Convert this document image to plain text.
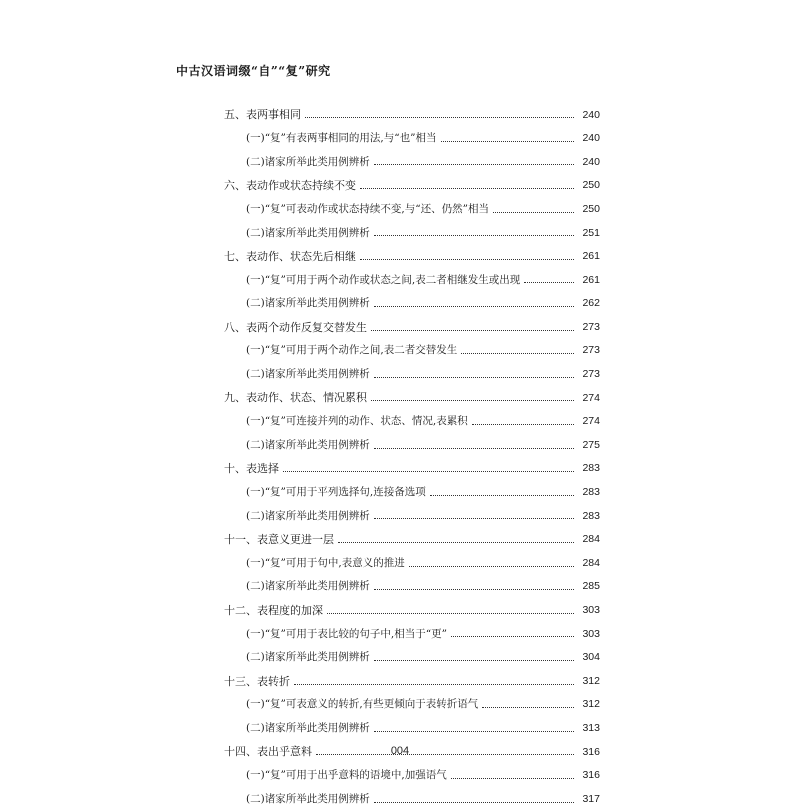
中古汉语词缀“自”“复”研究
五、表两事相同	240
(一)“复”有表两事相同的用法,与“也”相当	240
(二)诸家所举此类用例辨析	240
六、表动作或状态持续不变	250
(一)“复”可表动作或状态持续不变,与“还、仍然”相当	250
(二)诸家所举此类用例辨析	251
七、表动作、状态先后相继	261
(一)“复”可用于两个动作或状态之间,表二者相继发生或出现	261
(二)诸家所举此类用例辨析	262
八、表两个动作反复交替发生	273
(一)“复”可用于两个动作之间,表二者交替发生	273
(二)诸家所举此类用例辨析	273
九、表动作、状态、情况累积	274
(一)“复”可连接并列的动作、状态、情况,表累积	274
(二)诸家所举此类用例辨析	275
十、表选择	283
(一)“复”可用于平列选择句,连接备选项	283
(二)诸家所举此类用例辨析	283
十一、表意义更进一层	284
(一)“复”可用于句中,表意义的推进	284
(二)诸家所举此类用例辨析	285
十二、表程度的加深	303
(一)“复”可用于表比较的句子中,相当于“更”	303
(二)诸家所举此类用例辨析	304
十三、表转折	312
(一)“复”可表意义的转折,有些更倾向于表转折语气	312
(二)诸家所举此类用例辨析	313
十四、表出乎意料	316
(一)“复”可用于出乎意料的语境中,加强语气	316
(二)诸家所举此类用例辨析	317
004
